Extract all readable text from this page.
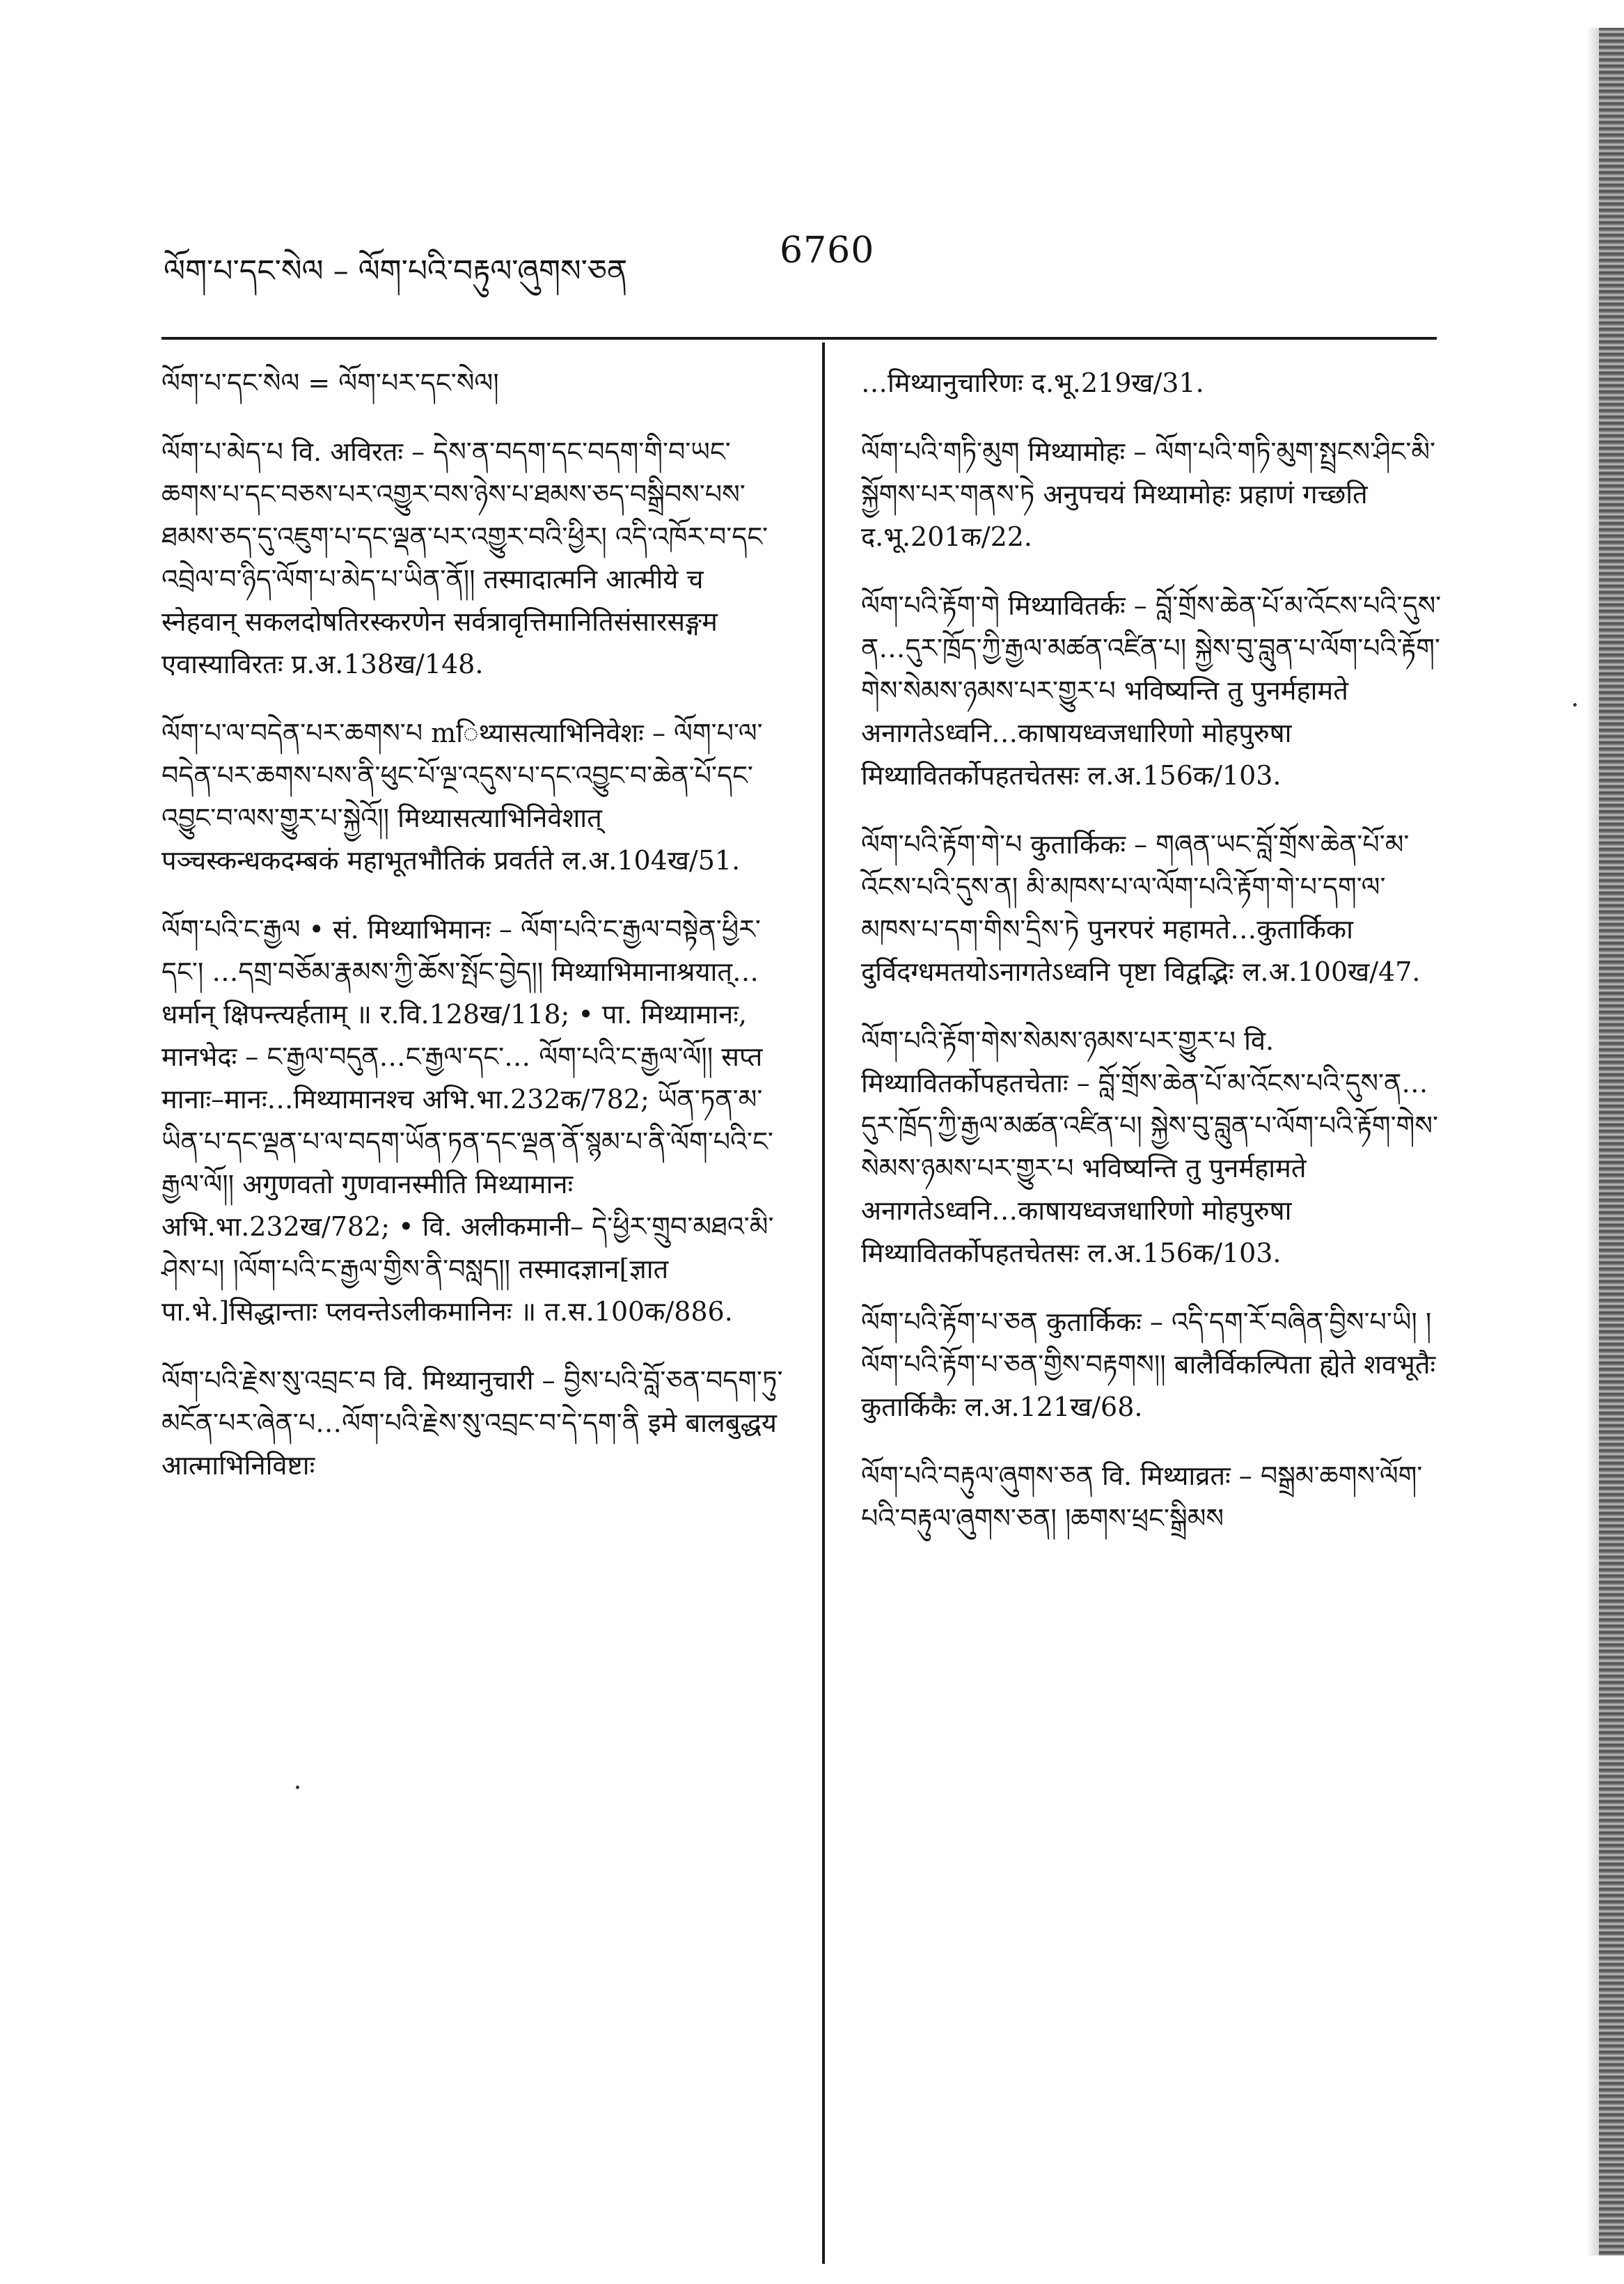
ལོག་པ་དང་སེལ – ལོག་པའི་བརྟུལ་ཞུགས་ཅན	6760

ལོག་པ་དང་སེལ = ལོག་པར་དང་སེལ།

ལོག་པ་མེད་པ वि. अविरतः – དེས་ན་བདག་དང་བདག་གི་བ་ཡང་ཆགས་པ་དང་བཅས་པར་འགྱུར་བས་ཉེས་པ་ཐམས་ཅད་བསྒྲིབས་པས་ཐམས་ཅད་དུ་འཇུག་པ་དང་ལྡན་པར་འགྱུར་བའི་ཕྱིར། འདི་འཁོར་བ་དང་འབྲེལ་བ་ཉིད་ལོག་པ་མེད་པ་ཡིན་ནོ།། तस्मादात्मनि आत्मीये च स्नेहवान् सकलदोषतिरस्करणेन सर्वत्रावृत्तिमानितिसंसारसङ्गम एवास्याविरतः प्र.अ.138ख/148.

ལོག་པ་ལ་བདེན་པར་ཆགས་པ mिथ्यासत्याभिनिवेशः – ལོག་པ་ལ་བདེན་པར་ཆགས་པས་ནི་ཕུང་པོ་ལྔ་འདུས་པ་དང་འབྱུང་བ་ཆེན་པོ་དང་འབྱུང་བ་ལས་གྱུར་པ་སྐྱེའོ།། मिथ्यासत्याभिनिवेशात् पञ्चस्कन्धकदम्बकं महाभूतभौतिकं प्रवर्तते ल.अ.104ख/51.

ལོག་པའི་ང་རྒྱལ • सं. मिथ्याभिमानः – ལོག་པའི་ང་རྒྱལ་བསྟེན་ཕྱིར་དང་། …དགྲ་བཅོམ་རྣམས་ཀྱི་ཆོས་སྤོང་བྱེད།། मिथ्याभिमानाश्रयात्…धर्मान् क्षिपन्त्यर्हताम् ॥ र.वि.128ख/118; • पा. मिथ्यामानः, मानभेदः – ང་རྒྱལ་བདུན…ང་རྒྱལ་དང་… ལོག་པའི་ང་རྒྱལ་ལོ།། सप्त मानाः–मानः…मिथ्यामानश्च अभि.भा.232क/782; ཡོན་ཏན་མ་ཡིན་པ་དང་ལྡན་པ་ལ་བདག་ཡོན་ཏན་དང་ལྡན་ནོ་སྙམ་པ་ནི་ལོག་པའི་ང་རྒྱལ་ལོ།། अगुणवतो गुणवानस्मीति मिथ्यामानः अभि.भा.232ख/782; • वि. अलीकमानी– དེ་ཕྱིར་གྲུབ་མཐའ་མི་ཤེས་པ། །ལོག་པའི་ང་རྒྱལ་གྱིས་ནི་བསླད།། तस्मादज्ञान[ज्ञात पा.भे.]सिद्धान्ताः प्लवन्तेऽलीकमानिनः ॥ त.स.100क/886.

ལོག་པའི་རྗེས་སུ་འབྲང་བ वि. मिथ्यानुचारी – བྱིས་པའི་བློ་ཅན་བདག་ཏུ་མངོན་པར་ཞེན་པ…ལོག་པའི་རྗེས་སུ་འབྲང་བ་དེ་དག་ནི इमे बालबुद्धय आत्माभिनिविष्टाः

…मिथ्यानुचारिणः द.भू.219ख/31.

ལོག་པའི་གཏི་མུག मिथ्यामोहः – ལོག་པའི་གཏི་མུག་སྤྲངས་ཤིང་མི་སྐྱོགས་པར་གནས་ཏེ अनुपचयं मिथ्यामोहः प्रहाणं गच्छति द.भू.201क/22.

ལོག་པའི་རྟོག་གེ मिथ्यावितर्कः – བློ་གྲོས་ཆེན་པོ་མ་འོངས་པའི་དུས་ན…དུར་ཁྲོད་ཀྱི་རྒྱལ་མཚན་འཛིན་པ། སྐྱེས་བུ་བླུན་པ་ལོག་པའི་རྟོག་གེས་སེམས་ཉམས་པར་གྱུར་པ भविष्यन्ति तु पुनर्महामते अनागतेऽध्वनि…काषायध्वजधारिणो मोहपुरुषा मिथ्यावितर्कोपहतचेतसः ल.अ.156क/103.

ལོག་པའི་རྟོག་གེ་པ कुतार्किकः – གཞན་ཡང་བློ་གྲོས་ཆེན་པོ་མ་འོངས་པའི་དུས་ན། མི་མཁས་པ་ལ་ལོག་པའི་རྟོག་གེ་པ་དག་ལ་མཁས་པ་དག་གིས་དྲིས་ཏེ पुनरपरं महामते…कुतार्किका दुर्विदग्धमतयोऽनागतेऽध्वनि पृष्टा विद्वद्भिः ल.अ.100ख/47.

ལོག་པའི་རྟོག་གེས་སེམས་ཉམས་པར་གྱུར་པ वि. मिथ्यावितर्कोपहतचेताः – བློ་གྲོས་ཆེན་པོ་མ་འོངས་པའི་དུས་ན…དུར་ཁྲོད་ཀྱི་རྒྱལ་མཚན་འཛིན་པ། སྐྱེས་བུ་བླུན་པ་ལོག་པའི་རྟོག་གེས་སེམས་ཉམས་པར་གྱུར་པ भविष्यन्ति तु पुनर्महामते अनागतेऽध्वनि…काषायध्वजधारिणो मोहपुरुषा मिथ्यावितर्कोपहतचेतसः ल.अ.156क/103.

ལོག་པའི་རྟོག་པ་ཅན कुतार्किकः – འདི་དག་རོ་བཞིན་བྱིས་པ་ཡི། །ལོག་པའི་རྟོག་པ་ཅན་གྱིས་བརྟགས།། बालैर्विकल्पिता ह्येते शवभूतैः कुतार्किकैः ल.अ.121ख/68.

ལོག་པའི་བརྟུལ་ཞུགས་ཅན वि. मिथ्याव्रतः – བསྒྲམ་ཆགས་ལོག་པའི་བརྟུལ་ཞུགས་ཅན། །ཆགས་ཕྲང་སྒྲིམས
